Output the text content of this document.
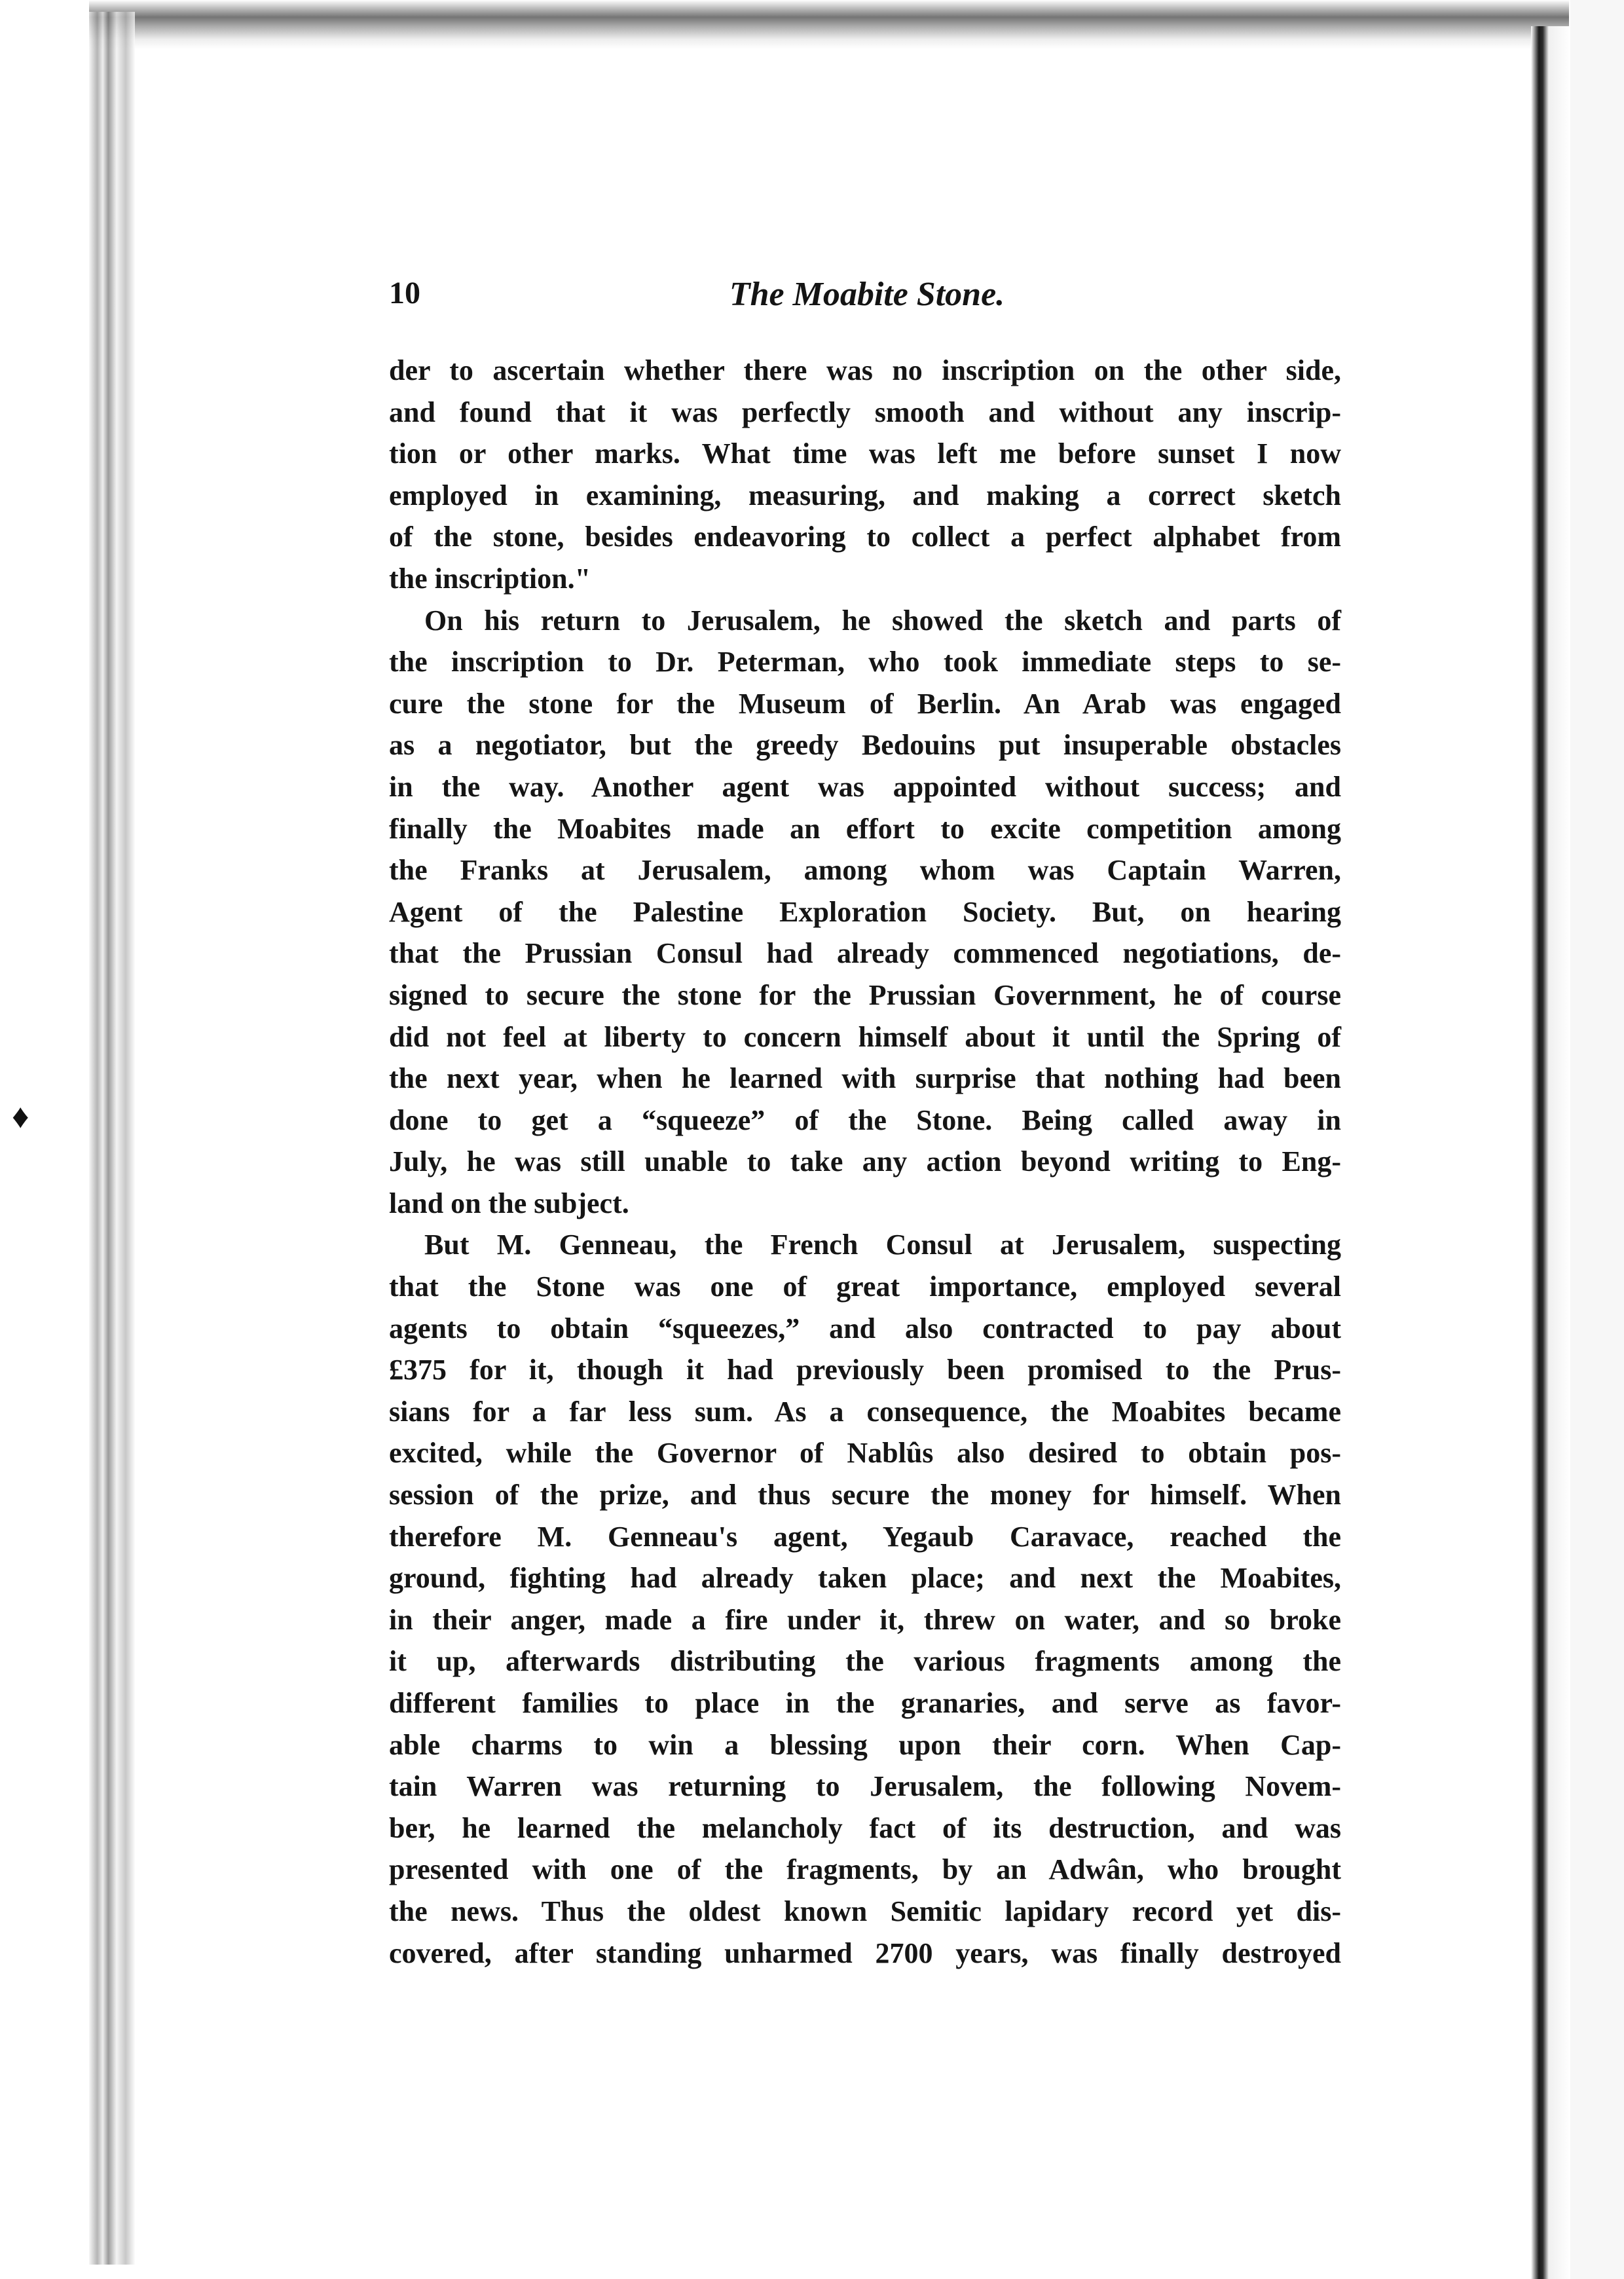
♦
10	The Moabite Stone.
der to ascertain whether there was no inscription on the other side,
and found that it was perfectly smooth and without any inscrip-
tion or other marks. What time was left me before sunset I now
employed in examining, measuring, and making a correct sketch
of the stone, besides endeavoring to collect a perfect alphabet from
the inscription."
On his return to Jerusalem, he showed the sketch and parts of
the inscription to Dr. Peterman, who took immediate steps to se-
cure the stone for the Museum of Berlin. An Arab was engaged
as a negotiator, but the greedy Bedouins put insuperable obstacles
in the way. Another agent was appointed without success; and
finally the Moabites made an effort to excite competition among
the Franks at Jerusalem, among whom was Captain Warren,
Agent of the Palestine Exploration Society. But, on hearing
that the Prussian Consul had already commenced negotiations, de-
signed to secure the stone for the Prussian Government, he of course
did not feel at liberty to concern himself about it until the Spring of
the next year, when he learned with surprise that nothing had been
done to get a “squeeze” of the Stone. Being called away in
July, he was still unable to take any action beyond writing to Eng-
land on the subject.
But M. Genneau, the French Consul at Jerusalem, suspecting
that the Stone was one of great importance, employed several
agents to obtain “squeezes,” and also contracted to pay about
£375 for it, though it had previously been promised to the Prus-
sians for a far less sum. As a consequence, the Moabites became
excited, while the Governor of Nablûs also desired to obtain pos-
session of the prize, and thus secure the money for himself. When
therefore M. Genneau's agent, Yegaub Caravace, reached the
ground, fighting had already taken place; and next the Moabites,
in their anger, made a fire under it, threw on water, and so broke
it up, afterwards distributing the various fragments among the
different families to place in the granaries, and serve as favor-
able charms to win a blessing upon their corn. When Cap-
tain Warren was returning to Jerusalem, the following Novem-
ber, he learned the melancholy fact of its destruction, and was
presented with one of the fragments, by an Adwân, who brought
the news. Thus the oldest known Semitic lapidary record yet dis-
covered, after standing unharmed 2700 years, was finally destroyed
